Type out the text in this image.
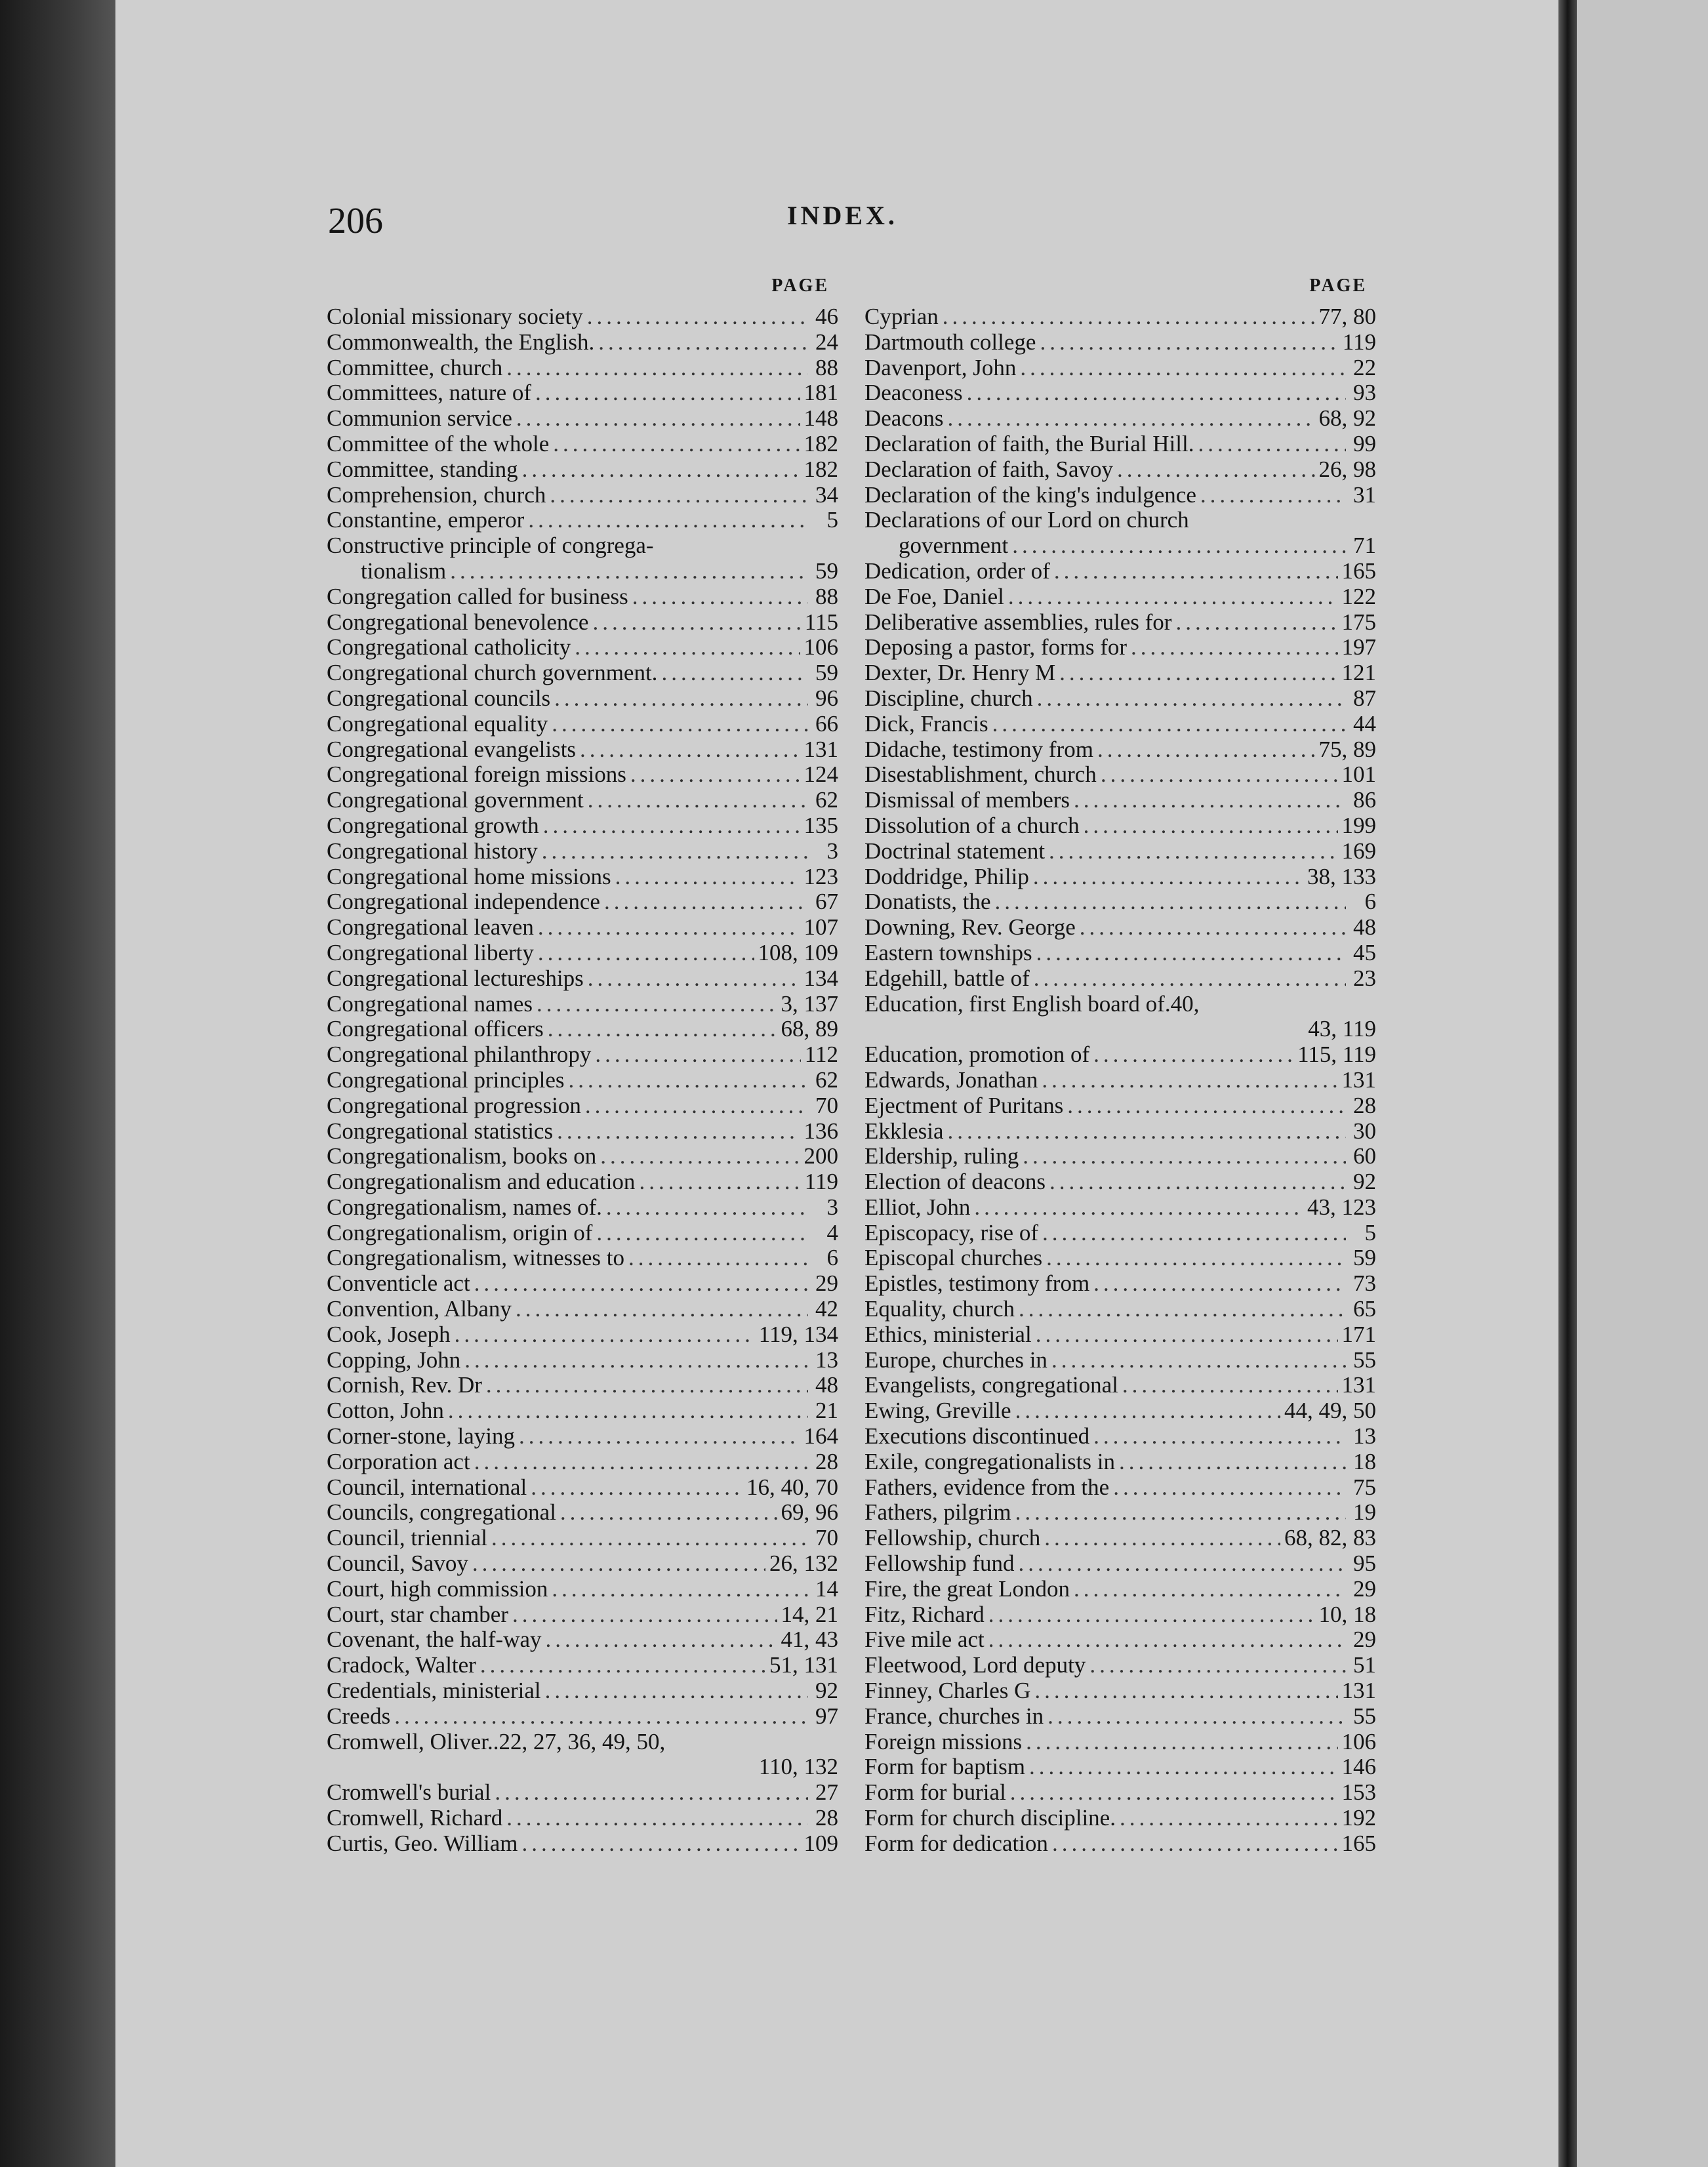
206	INDEX.
PAGE
Colonial missionary society .....	46
Commonwealth, the English. .....	24
Committee, church .....	88
Committees, nature of .....	181
Communion service .....	148
Committee of the whole .....	182
Committee, standing .....	182
Comprehension, church .....	34
Constantine, emperor .....	5
Constructive principle of congrega-
tionalism .....	59
Congregation called for business .....	88
Congregational benevolence .....	115
Congregational catholicity .....	106
Congregational church government. .....	59
Congregational councils .....	96
Congregational equality .....	66
Congregational evangelists .....	131
Congregational foreign missions .....	124
Congregational government .....	62
Congregational growth .....	135
Congregational history .....	3
Congregational home missions .....	123
Congregational independence .....	67
Congregational leaven .....	107
Congregational liberty .....	108, 109
Congregational lectureships .....	134
Congregational names .....	3, 137
Congregational officers .....	68, 89
Congregational philanthropy .....	112
Congregational principles .....	62
Congregational progression .....	70
Congregational statistics .....	136
Congregationalism, books on .....	200
Congregationalism and education .....	119
Congregationalism, names of. .....	3
Congregationalism, origin of .....	4
Congregationalism, witnesses to .....	6
Conventicle act .....	29
Convention, Albany .....	42
Cook, Joseph .....	119, 134
Copping, John .....	13
Cornish, Rev. Dr .....	48
Cotton, John .....	21
Corner-stone, laying .....	164
Corporation act .....	28
Council, international .....	16, 40, 70
Councils, congregational .....	69, 96
Council, triennial .....	70
Council, Savoy .....	26, 132
Court, high commission .....	14
Court, star chamber .....	14, 21
Covenant, the half-way .....	41, 43
Cradock, Walter .....	51, 131
Credentials, ministerial .....	92
Creeds .....	97
Cromwell, Oliver..22, 27, 36, 49, 50,
110, 132
Cromwell's burial .....	27
Cromwell, Richard .....	28
Curtis, Geo. William .....	109
PAGE
Cyprian .....	77, 80
Dartmouth college .....	119
Davenport, John .....	22
Deaconess .....	93
Deacons .....	68, 92
Declaration of faith, the Burial Hill. .....	99
Declaration of faith, Savoy .....	26, 98
Declaration of the king's indulgence .....	31
Declarations of our Lord on church
government .....	71
Dedication, order of .....	165
De Foe, Daniel .....	122
Deliberative assemblies, rules for .....	175
Deposing a pastor, forms for .....	197
Dexter, Dr. Henry M .....	121
Discipline, church .....	87
Dick, Francis .....	44
Didache, testimony from .....	75, 89
Disestablishment, church .....	101
Dismissal of members .....	86
Dissolution of a church .....	199
Doctrinal statement .....	169
Doddridge, Philip .....	38, 133
Donatists, the .....	6
Downing, Rev. George .....	48
Eastern townships .....	45
Edgehill, battle of .....	23
Education, first English board of.40,
43, 119
Education, promotion of .....	115, 119
Edwards, Jonathan .....	131
Ejectment of Puritans .....	28
Ekklesia .....	30
Eldership, ruling .....	60
Election of deacons .....	92
Elliot, John .....	43, 123
Episcopacy, rise of .....	5
Episcopal churches .....	59
Epistles, testimony from .....	73
Equality, church .....	65
Ethics, ministerial .....	171
Europe, churches in .....	55
Evangelists, congregational .....	131
Ewing, Greville .....	44, 49, 50
Executions discontinued .....	13
Exile, congregationalists in .....	18
Fathers, evidence from the .....	75
Fathers, pilgrim .....	19
Fellowship, church .....	68, 82, 83
Fellowship fund .....	95
Fire, the great London .....	29
Fitz, Richard .....	10, 18
Five mile act .....	29
Fleetwood, Lord deputy .....	51
Finney, Charles G .....	131
France, churches in .....	55
Foreign missions .....	106
Form for baptism .....	146
Form for burial .....	153
Form for church discipline. .....	192
Form for dedication .....	165
